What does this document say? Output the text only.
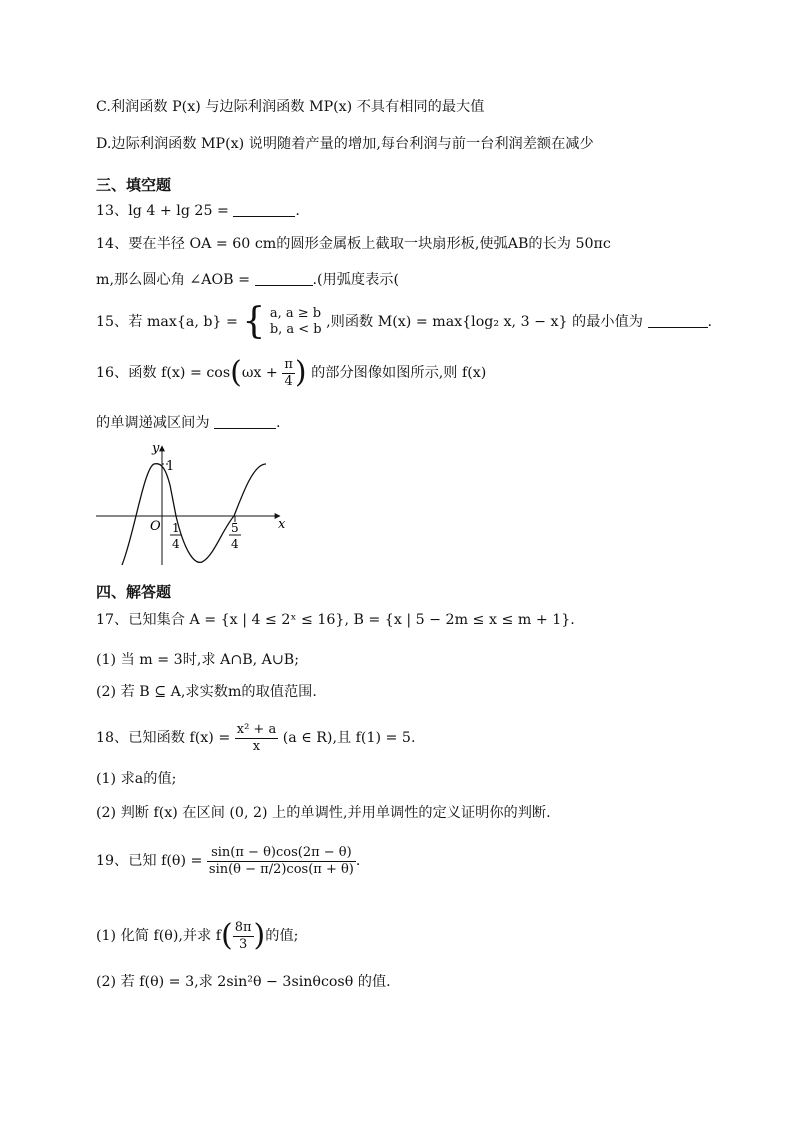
C.利润函数 P(x) 与边际利润函数 MP(x) 不具有相同的最大值
D.边际利润函数 MP(x) 说明随着产量的增加,每台利润与前一台利润差额在减少
三、填空题
13、lg 4 + lg 25 =	.
14、要在半径 OA = 60 cm的圆形金属板上截取一块扇形板,使弧AB的长为 50πc
m,那么圆心角 ∠AOB =	.(用弧度表示(
15、若 max{a, b} = { a, a ≥ b
b, a < b ,则函数 M(x) = max{log₂ x, 3 − x} 的最小值为	.
16、函数 $f(x) = \cos(\omega x + \frac{\pi}{4}$ ) 的部分图像如图所示,则 f(x)
的单调递减区间为	.
y
x
O
1
1
4
5
4
四、解答题
17、已知集合 A = {x | 4 ≤ 2ˣ ≤ 16}, B = {x | 5 − 2m ≤ x ≤ m + 1}.
(1) 当 m = 3时,求 A∩B, A∪B;
(2) 若 B ⊆ A,求实数m的取值范围.
18、已知函数 $f(x) = \frac{\text{x² + a}}{x} (a$ ∈ R),且 f(1) = 5.
(1) 求a的值;
(2) 判断 f(x) 在区间 (0, 2) 上的单调性,并用单调性的定义证明你的判断.
19、已知 $f(\theta) = \frac{\sin(\pi - \theta)\cos(2\pi - \theta)}{\sin(\theta - \pi/2)\cos(\pi + \theta)}$ .
(1) 化简 f(θ),并求 $f( \frac{8\pi}{3}$ )的值;
(2) 若 f(θ) = 3,求 2sin²θ − 3sinθcosθ 的值.
